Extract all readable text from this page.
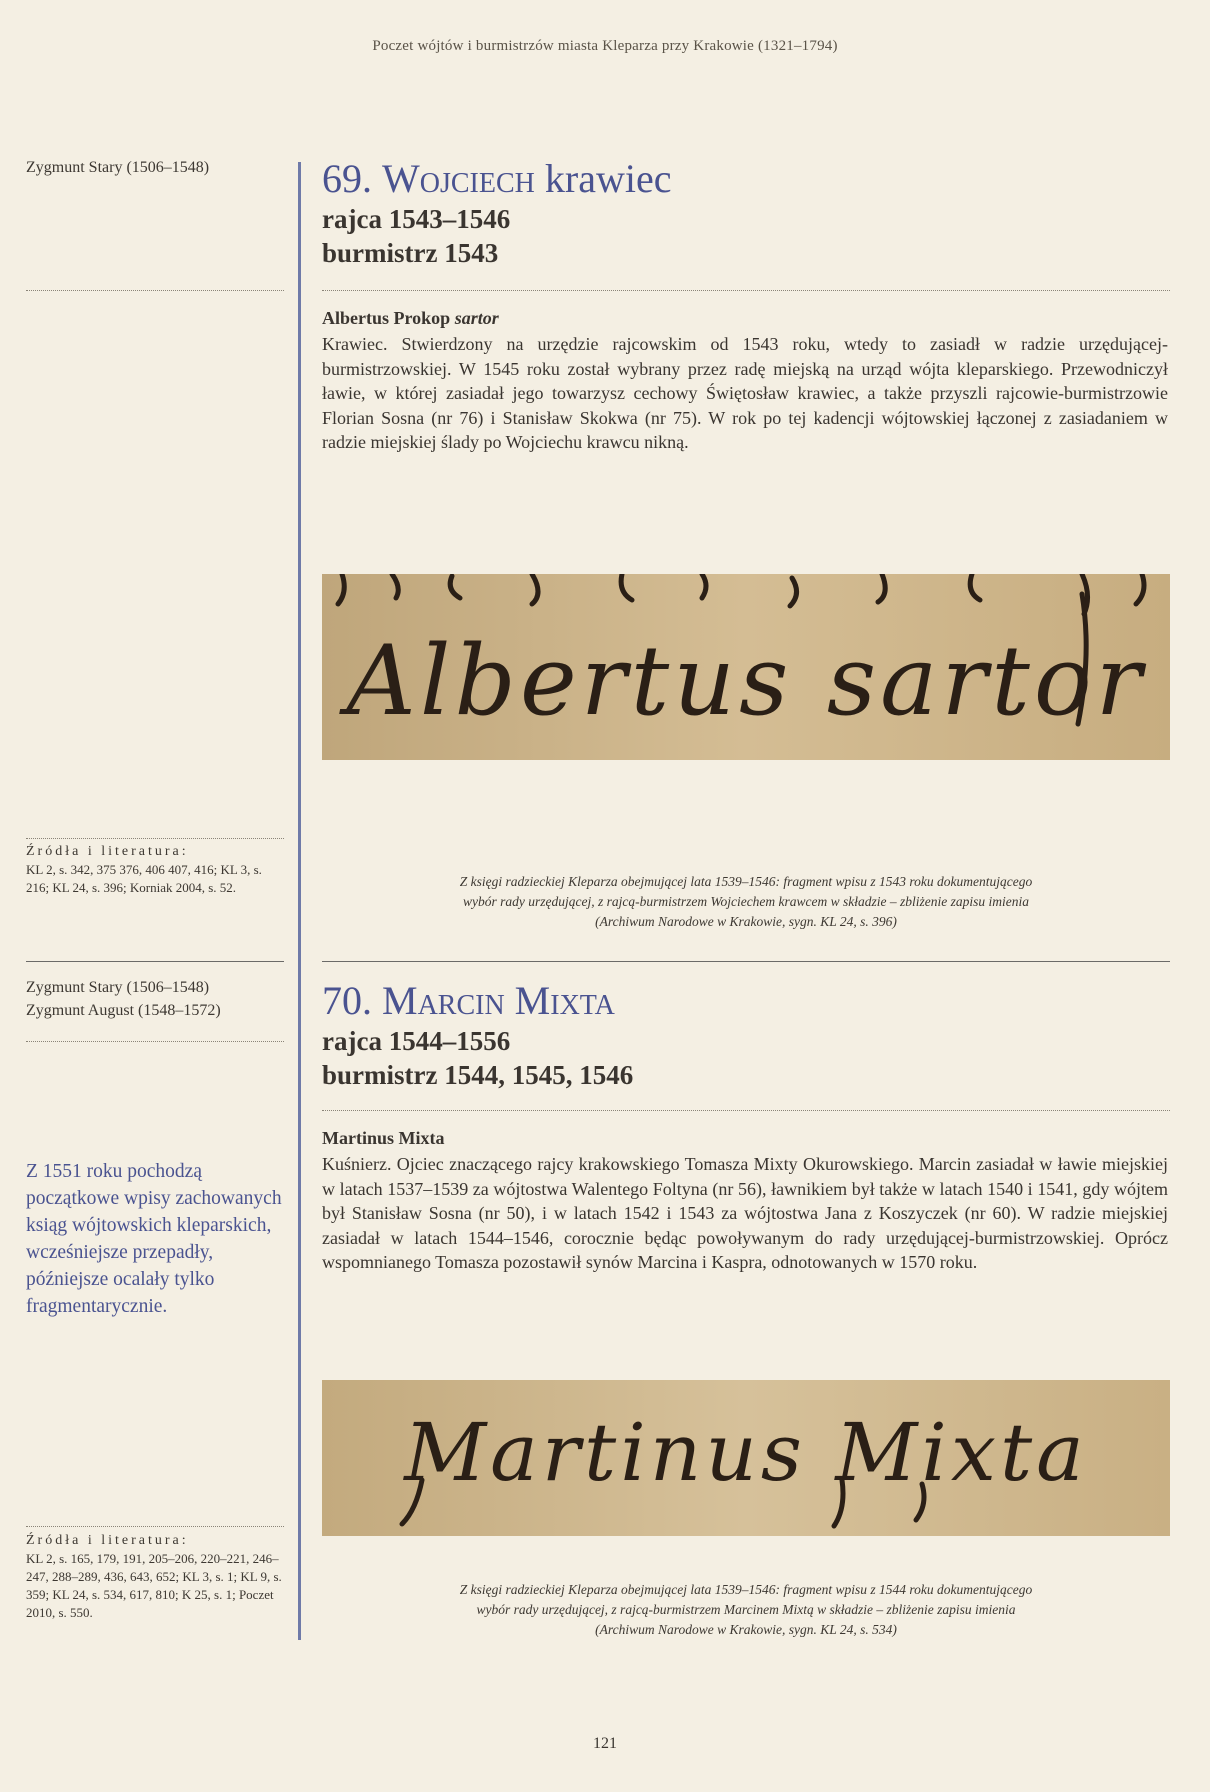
Poczet wójtów i burmistrzów miasta Kleparza przy Krakowie (1321–1794)
Zygmunt Stary (1506–1548)
Źródła i literatura:
KL 2, s. 342, 375 376, 406 407, 416; KL 3, s. 216; KL 24, s. 396; Korniak 2004, s. 52.
Zygmunt Stary (1506–1548)
Zygmunt August (1548–1572)
Z 1551 roku pochodzą początkowe wpisy zachowanych ksiąg wójtowskich kleparskich, wcześniejsze przepadły, późniejsze ocalały tylko fragmentarycznie.
Źródła i literatura:
KL 2, s. 165, 179, 191, 205–206, 220–221, 246–247, 288–289, 436, 643, 652; KL 3, s. 1; KL 9, s. 359; KL 24, s. 534, 617, 810; K 25, s. 1; Poczet 2010, s. 550.
69. Wojciech krawiec
rajca 1543–1546
burmistrz 1543
Albertus Prokop sartor
Krawiec. Stwierdzony na urzędzie rajcowskim od 1543 roku, wtedy to zasiadł w radzie urzędującej-burmistrzowskiej. W 1545 roku został wybrany przez radę miejską na urząd wójta kleparskiego. Przewodniczył ławie, w której zasiadał jego towarzysz cechowy Świętosław krawiec, a także przyszli rajcowie-burmistrzowie Florian Sosna (nr 76) i Stanisław Skokwa (nr 75). W rok po tej kadencji wójtowskiej łączonej z zasiadaniem w radzie miejskiej ślady po Wojciechu krawcu nikną.
Albertus sartor
Z księgi radzieckiej Kleparza obejmującej lata 1539–1546: fragment wpisu z 1543 roku dokumentującego
wybór rady urzędującej, z rajcą-burmistrzem Wojciechem krawcem w składzie – zbliżenie zapisu imienia
(Archiwum Narodowe w Krakowie, sygn. KL 24, s. 396)
70. Marcin Mixta
rajca 1544–1556
burmistrz 1544, 1545, 1546
Martinus Mixta
Kuśnierz. Ojciec znaczącego rajcy krakowskiego Tomasza Mixty Okurowskiego. Marcin zasiadał w ławie miejskiej w latach 1537–1539 za wójtostwa Walentego Foltyna (nr 56), ławnikiem był także w latach 1540 i 1541, gdy wójtem był Stanisław Sosna (nr 50), i w latach 1542 i 1543 za wójtostwa Jana z Koszyczek (nr 60). W radzie miejskiej zasiadał w latach 1544–1546, corocznie będąc powoływanym do rady urzędującej-burmistrzowskiej. Oprócz wspomnianego Tomasza pozostawił synów Marcina i Kaspra, odnotowanych w 1570 roku.
Martinus Mixta
Z księgi radzieckiej Kleparza obejmującej lata 1539–1546: fragment wpisu z 1544 roku dokumentującego
wybór rady urzędującej, z rajcą-burmistrzem Marcinem Mixtą w składzie – zbliżenie zapisu imienia
(Archiwum Narodowe w Krakowie, sygn. KL 24, s. 534)
121
